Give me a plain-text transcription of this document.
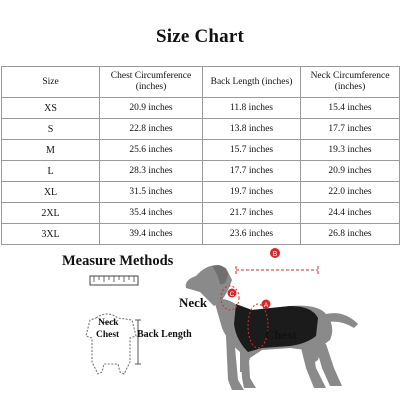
Size Chart
Size	Chest Circumference (inches)	Back Length (inches)	Neck Circumference (inches)
XS	20.9 inches	11.8 inches	15.4 inches
S	22.8 inches	13.8 inches	17.7 inches
M	25.6 inches	15.7 inches	19.3 inches
L	28.3 inches	17.7 inches	20.9 inches
XL	31.5 inches	19.7 inches	22.0 inches
2XL	35.4 inches	21.7 inches	24.4 inches
3XL	39.4 inches	23.6 inches	26.8 inches
Measure Methods	B
C
A
Neck
Chest Back Length
Neck
Chest
